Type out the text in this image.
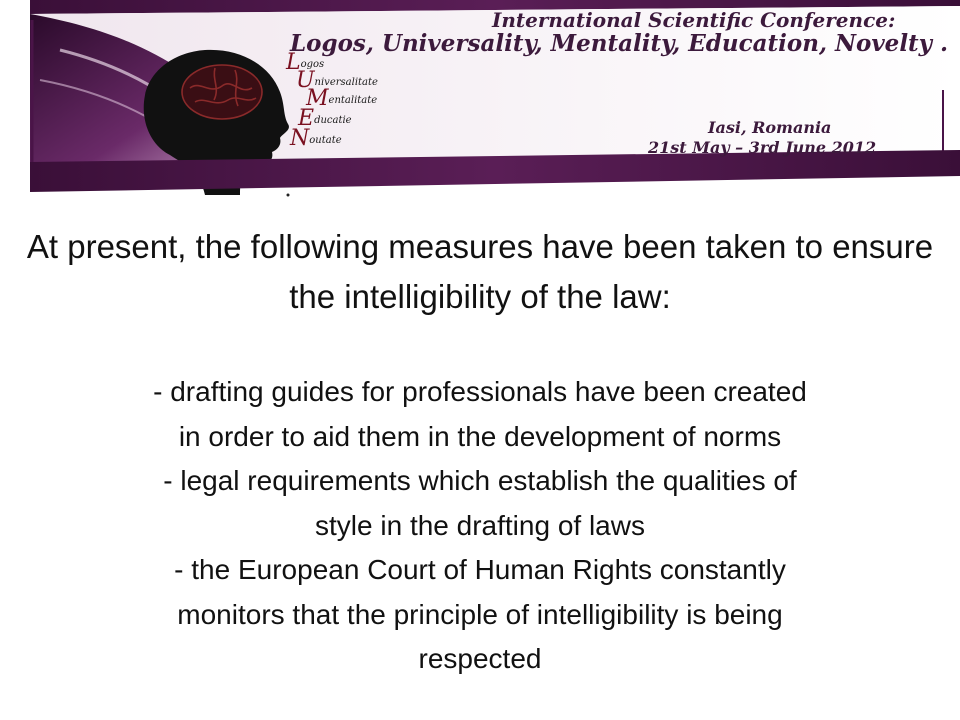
International Scientific Conference:
Logos, Universality, Mentality, Education, Novelty .
Iasi, Romania
21st May – 3rd June 2012
Logos
Universalitate
Mentalitate
Educatie
Noutate
At present, the following measures have been taken to ensure the intelligibility of the law:

- drafting guides for professionals have been created

in order to aid them in the development of norms

- legal requirements which establish the qualities of

style in the drafting of laws

- the European Court of Human Rights constantly

monitors that the principle of intelligibility is being

respected
